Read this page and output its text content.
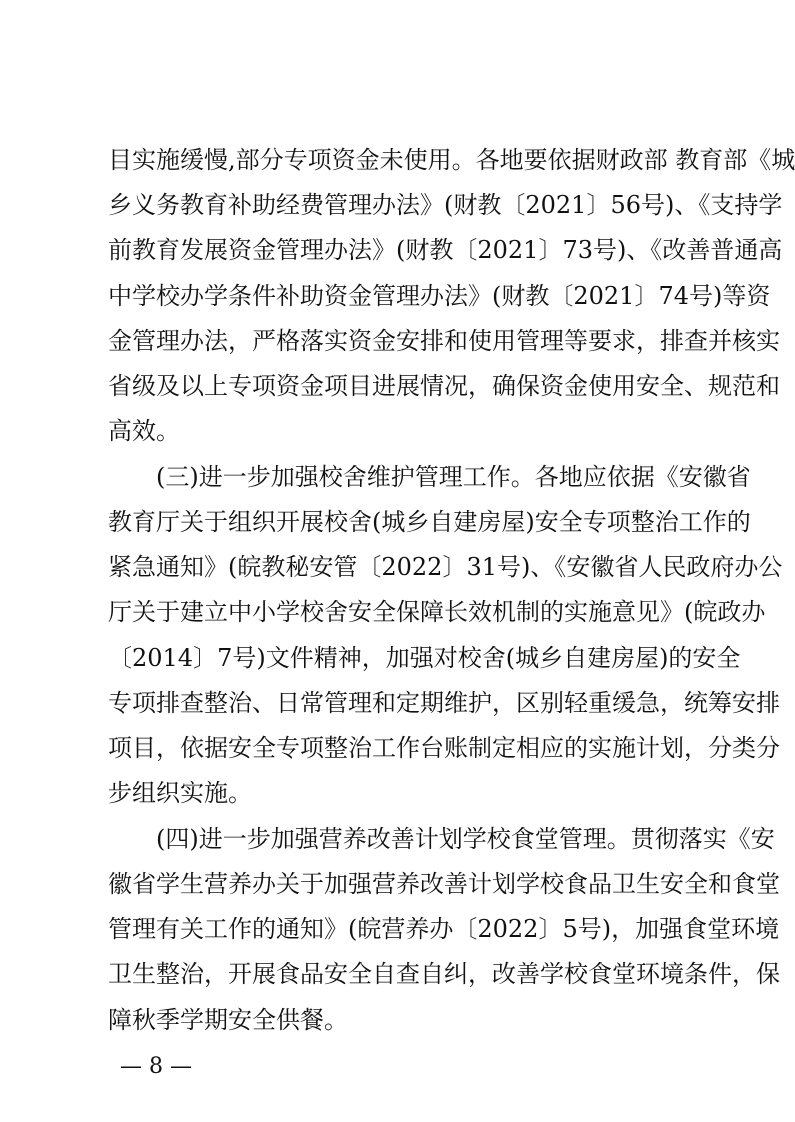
目实施缓慢,部分专项资金未使用。各地要依据财政部 教育部《城
乡义务教育补助经费管理办法》(财教〔2021〕56号)、《支持学
前教育发展资金管理办法》(财教〔2021〕73号)、《改善普通高
中学校办学条件补助资金管理办法》(财教〔2021〕74号)等资
金管理办法，严格落实资金安排和使用管理等要求，排查并核实
省级及以上专项资金项目进展情况，确保资金使用安全、规范和
高效。
(三)进一步加强校舍维护管理工作。各地应依据《安徽省
教育厅关于组织开展校舍(城乡自建房屋)安全专项整治工作的
紧急通知》(皖教秘安管〔2022〕31号)、《安徽省人民政府办公
厅关于建立中小学校舍安全保障长效机制的实施意见》(皖政办
〔2014〕7号)文件精神，加强对校舍(城乡自建房屋)的安全
专项排查整治、日常管理和定期维护，区别轻重缓急，统筹安排
项目，依据安全专项整治工作台账制定相应的实施计划，分类分
步组织实施。
(四)进一步加强营养改善计划学校食堂管理。贯彻落实《安
徽省学生营养办关于加强营养改善计划学校食品卫生安全和食堂
管理有关工作的通知》(皖营养办〔2022〕5号)，加强食堂环境
卫生整治，开展食品安全自查自纠，改善学校食堂环境条件，保
障秋季学期安全供餐。
— 8 —
